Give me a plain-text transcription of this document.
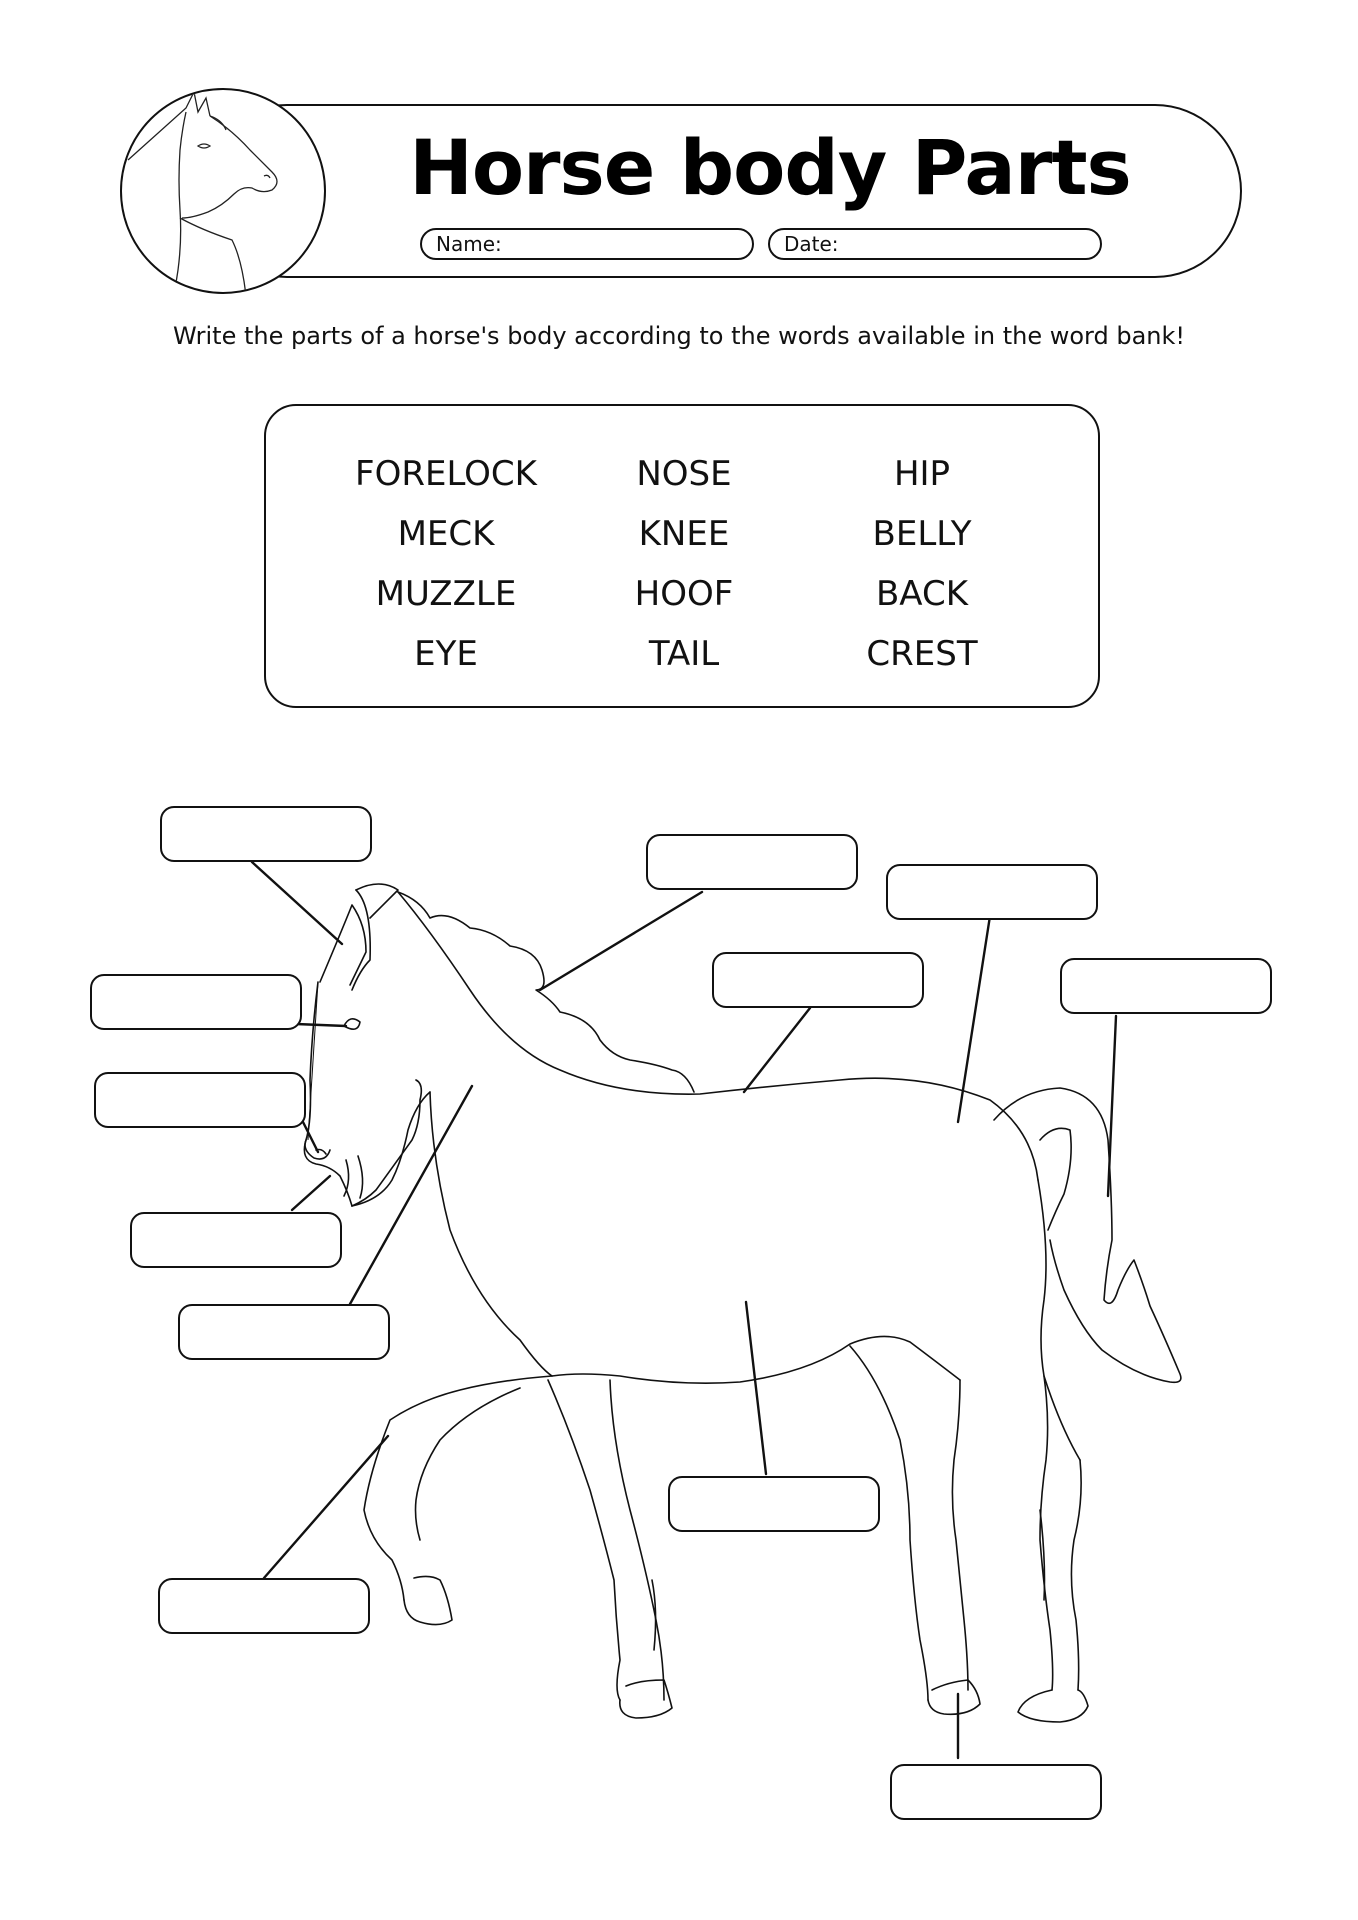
Horse body Parts
Name:	Date:
Write the parts of a horse's body according to the words available in the word bank!
FORELOCK
MECK
MUZZLE
EYE
NOSE
KNEE
HOOF
TAIL
HIP
BELLY
BACK
CREST
